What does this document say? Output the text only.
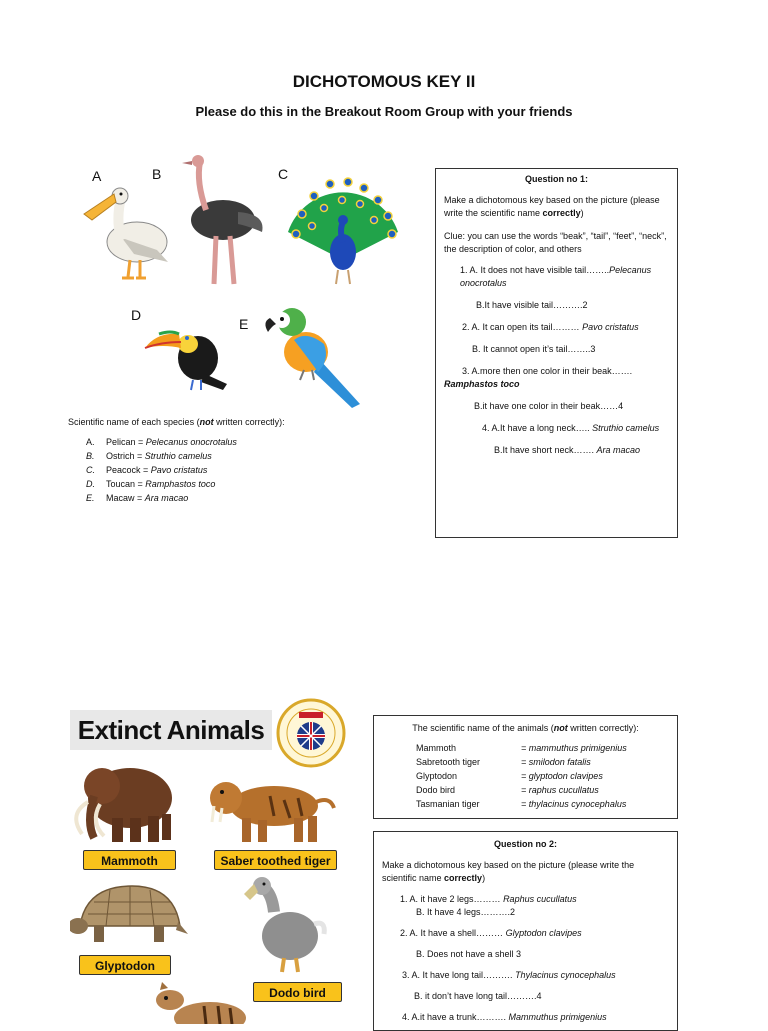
DICHOTOMOUS KEY II
Please do this in the Breakout Room Group with your friends
A	B	C
D
E
Scientific name of each species (not written correctly):
A.	Pelican =
Pelecanus onocrotalus
B.	Ostrich =
Struthio camelus
C.	Peacock =
Pavo cristatus
D.	Toucan =
Ramphastos toco
E.	Macaw =
Ara macao

Question no 1:

Make a dichotomous key based on the picture (please write the scientific name correctly)

Clue: you can use the words “beak”, “tail”, “feet”, “neck”, the description of color, and others

1. A. It does not have visible tail……..Pelecanus onocrotalus

B.It have visible tail……….2

2. A. It can open its tail……… Pavo cristatus

B. It cannot open it’s tail……..3

3. A.more then one color in their beak……. Ramphastos toco

B.it have one color in their beak……4

4. A.It have a long neck….. Struthio camelus

B.It have short neck……. Ara macao

Extinct Animals
Mammoth	Saber toothed tiger
Glyptodon
Dodo bird
The scientific name of the animals (not written correctly):
Mammoth	= mammuthus primigenius
Sabretooth tiger	= smilodon fatalis
Glyptodon	= glyptodon clavipes
Dodo bird	= raphus cucullatus
Tasmanian tiger	= thylacinus cynocephalus

Question no 2:

Make a dichotomous key based on the picture (please write the scientific name correctly)

1. A. it have 2 legs……… Raphus cucullatus

B. It have 4 legs……….2

2. A. It have a shell……… Glyptodon clavipes

B. Does not have a shell 3

3. A. It have long tail………. Thylacinus cynocephalus

B. it don’t have long tail……….4

4. A.it have a trunk………. Mammuthus primigenius
